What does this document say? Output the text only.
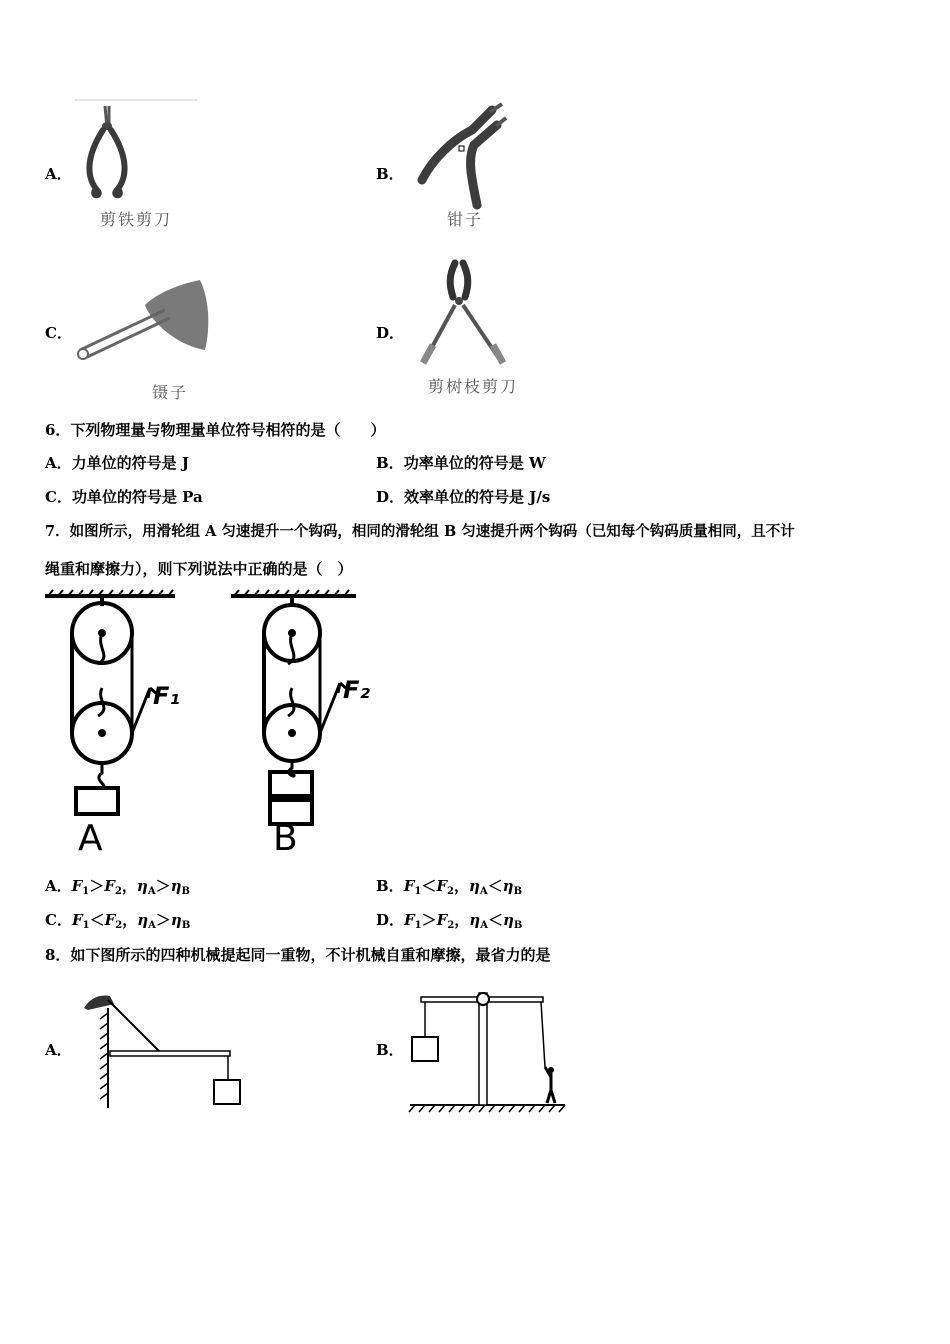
A．
剪铁剪刀
B．
钳子
C．
镊子
D．
剪树枝剪刀
6．下列物理量与物理量单位符号相符的是（　　）
A．力单位的符号是 J	B．功率单位的符号是 W
C．功单位的符号是 Pa	D．效率单位的符号是 J/s
7．如图所示，用滑轮组 A 匀速提升一个钩码，相同的滑轮组 B 匀速提升两个钩码（已知每个钩码质量相同，且不计
绳重和摩擦力），则下列说法中正确的是（　）
F₁
A
F₂
B
A．$F_1>F_2$，$\eta_A>\eta_B$	B．$F_1<F_2$，$\eta_A<\eta_B$
C．$F_1<F_2$，$\eta_A>\eta_B$	D．$F_1>F_2$，$\eta_A<\eta_B$
8．如下图所示的四种机械提起同一重物，不计机械自重和摩擦，最省力的是
A．	B．
